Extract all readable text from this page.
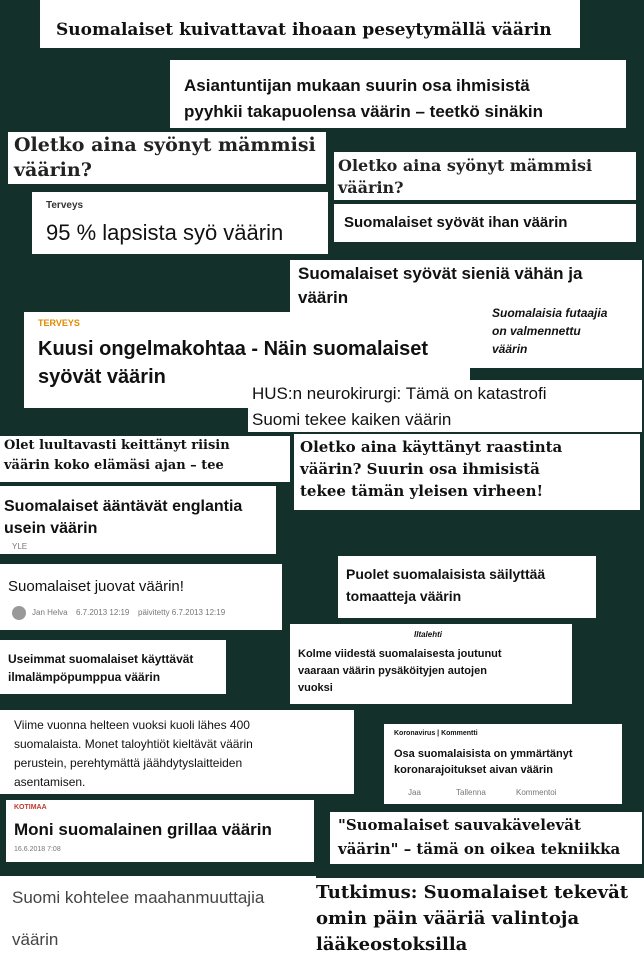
Suomalaiset kuivattavat ihoaan peseytymällä väärin
Asiantuntijan mukaan suurin osa ihmisistä
pyyhkii takapuolensa väärin – teetkö sinäkin
Oletko aina syönyt mämmisi
väärin?	Oletko aina syönyt mämmisi
väärin?
Terveys
95 % lapsista syö väärin	Suomalaiset syövät ihan väärin
Suomalaiset syövät sieniä vähän ja
väärin
TERVEYS
Kuusi ongelmakohtaa - Näin suomalaiset
syövät väärin
Suomalaisia futaajia
on valmennettu
väärin
HUS:n neurokirurgi: Tämä on katastrofi
Suomi tekee kaiken väärin
Olet luultavasti keittänyt riisin
väärin koko elämäsi ajan – tee
Oletko aina käyttänyt raastinta
väärin? Suurin osa ihmisistä
tekee tämän yleisen virheen!
Suomalaiset ääntävät englantia
usein väärin
YLE
Suomalaiset juovat väärin!
Jan Helva 6.7.2013 12:19 päivitetty 6.7.2013 12:19
Puolet suomalaisista säilyttää
tomaatteja väärin
Useimmat suomalaiset käyttävät
ilmalämpöpumppua väärin
Iltalehti
Kolme viidestä suomalaisesta joutunut
vaaraan väärin pysäköityjen autojen
vuoksi
Viime vuonna helteen vuoksi kuoli lähes 400
suomalaista. Monet taloyhtiöt kieltävät väärin
perustein, perehtymättä jäähdytyslaitteiden
asentamisen.
Koronavirus | Kommentti
Osa suomalaisista on ymmärtänyt
koronarajoitukset aivan väärin
Jaa	Tallenna	Kommentoi
KOTIMAA
Moni suomalainen grillaa väärin
16.6.2018 7:08
"Suomalaiset sauvakävelevät
väärin" – tämä on oikea tekniikka
Suomi kohtelee maahanmuuttajia
väärin
Tutkimus: Suomalaiset tekevät
omin päin vääriä valintoja
lääkeostoksilla
